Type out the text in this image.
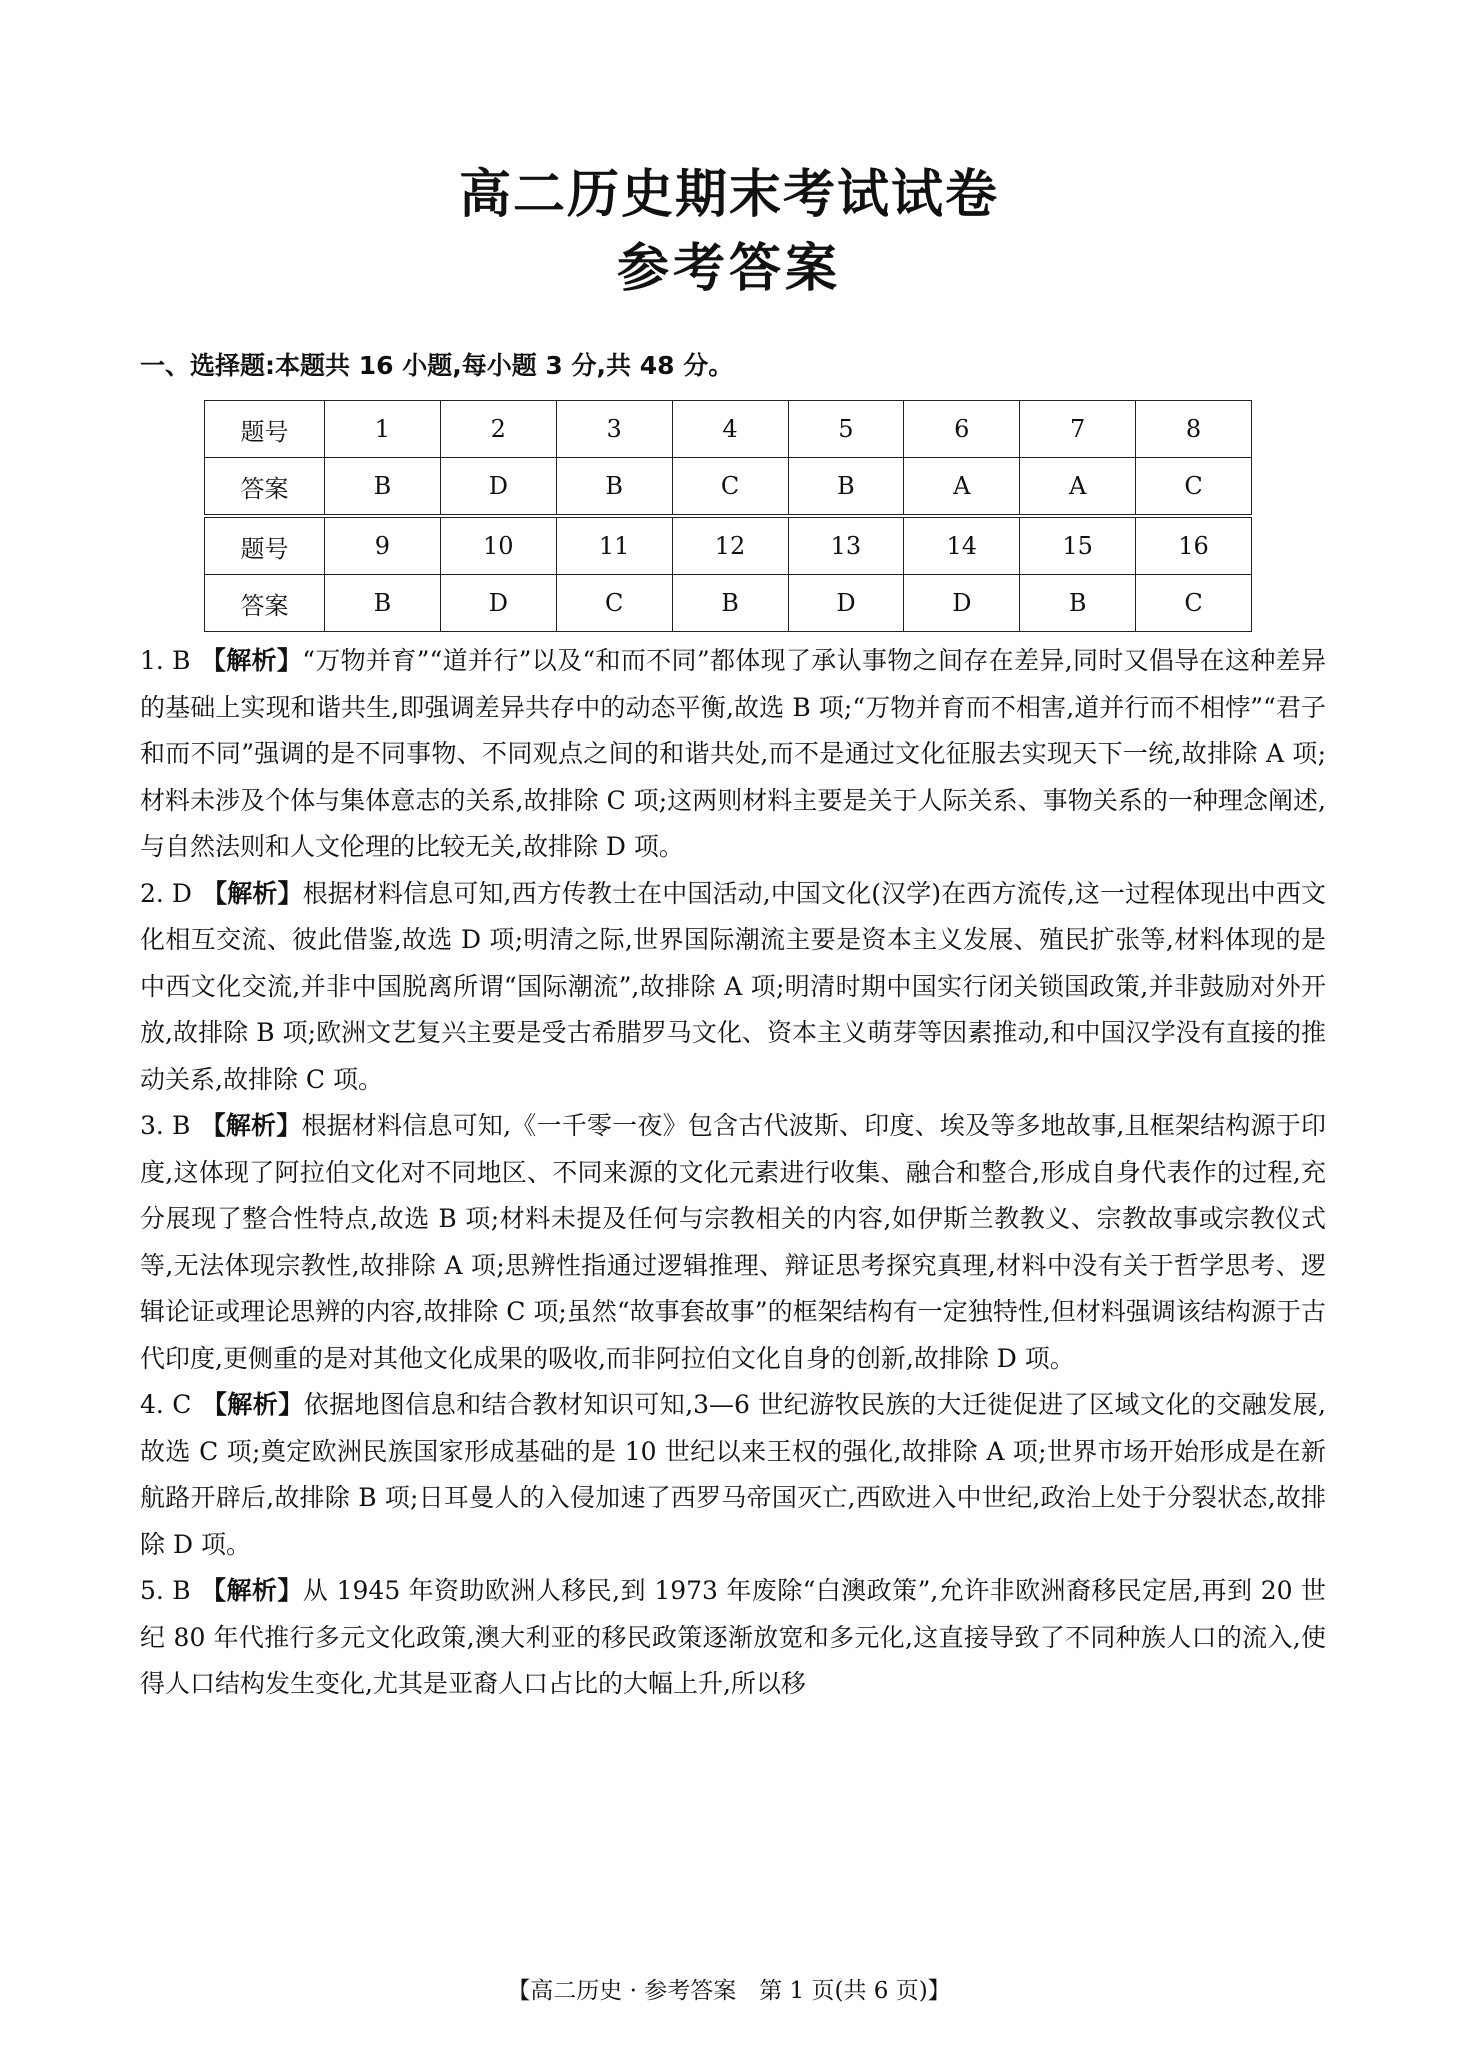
高二历史期末考试试卷
参考答案
一、选择题:本题共 16 小题,每小题 3 分,共 48 分。
题号	1	2	3	4	5	6	7	8
答案	B	D	B	C	B	A	A	C
题号	9	10	11	12	13	14	15	16
答案	B	D	C	B	D	D	B	C

1. B 【解析】“万物并育”“道并行”以及“和而不同”都体现了承认事物之间存在差异,同时又倡导在这种差异的基础上实现和谐共生,即强调差异共存中的动态平衡,故选 B 项;“万物并育而不相害,道并行而不相悖”“君子和而不同”强调的是不同事物、不同观点之间的和谐共处,而不是通过文化征服去实现天下一统,故排除 A 项;材料未涉及个体与集体意志的关系,故排除 C 项;这两则材料主要是关于人际关系、事物关系的一种理念阐述,与自然法则和人文伦理的比较无关,故排除 D 项。

2. D 【解析】根据材料信息可知,西方传教士在中国活动,中国文化(汉学)在西方流传,这一过程体现出中西文化相互交流、彼此借鉴,故选 D 项;明清之际,世界国际潮流主要是资本主义发展、殖民扩张等,材料体现的是中西文化交流,并非中国脱离所谓“国际潮流”,故排除 A 项;明清时期中国实行闭关锁国政策,并非鼓励对外开放,故排除 B 项;欧洲文艺复兴主要是受古希腊罗马文化、资本主义萌芽等因素推动,和中国汉学没有直接的推动关系,故排除 C 项。

3. B 【解析】根据材料信息可知,《一千零一夜》包含古代波斯、印度、埃及等多地故事,且框架结构源于印度,这体现了阿拉伯文化对不同地区、不同来源的文化元素进行收集、融合和整合,形成自身代表作的过程,充分展现了整合性特点,故选 B 项;材料未提及任何与宗教相关的内容,如伊斯兰教教义、宗教故事或宗教仪式等,无法体现宗教性,故排除 A 项;思辨性指通过逻辑推理、辩证思考探究真理,材料中没有关于哲学思考、逻辑论证或理论思辨的内容,故排除 C 项;虽然“故事套故事”的框架结构有一定独特性,但材料强调该结构源于古代印度,更侧重的是对其他文化成果的吸收,而非阿拉伯文化自身的创新,故排除 D 项。

4. C 【解析】依据地图信息和结合教材知识可知,3—6 世纪游牧民族的大迁徙促进了区域文化的交融发展,故选 C 项;奠定欧洲民族国家形成基础的是 10 世纪以来王权的强化,故排除 A 项;世界市场开始形成是在新航路开辟后,故排除 B 项;日耳曼人的入侵加速了西罗马帝国灭亡,西欧进入中世纪,政治上处于分裂状态,故排除 D 项。

5. B 【解析】从 1945 年资助欧洲人移民,到 1973 年废除“白澳政策”,允许非欧洲裔移民定居,再到 20 世纪 80 年代推行多元文化政策,澳大利亚的移民政策逐渐放宽和多元化,这直接导致了不同种族人口的流入,使得人口结构发生变化,尤其是亚裔人口占比的大幅上升,所以移

【高二历史 · 参考答案　第 1 页(共 6 页)】
